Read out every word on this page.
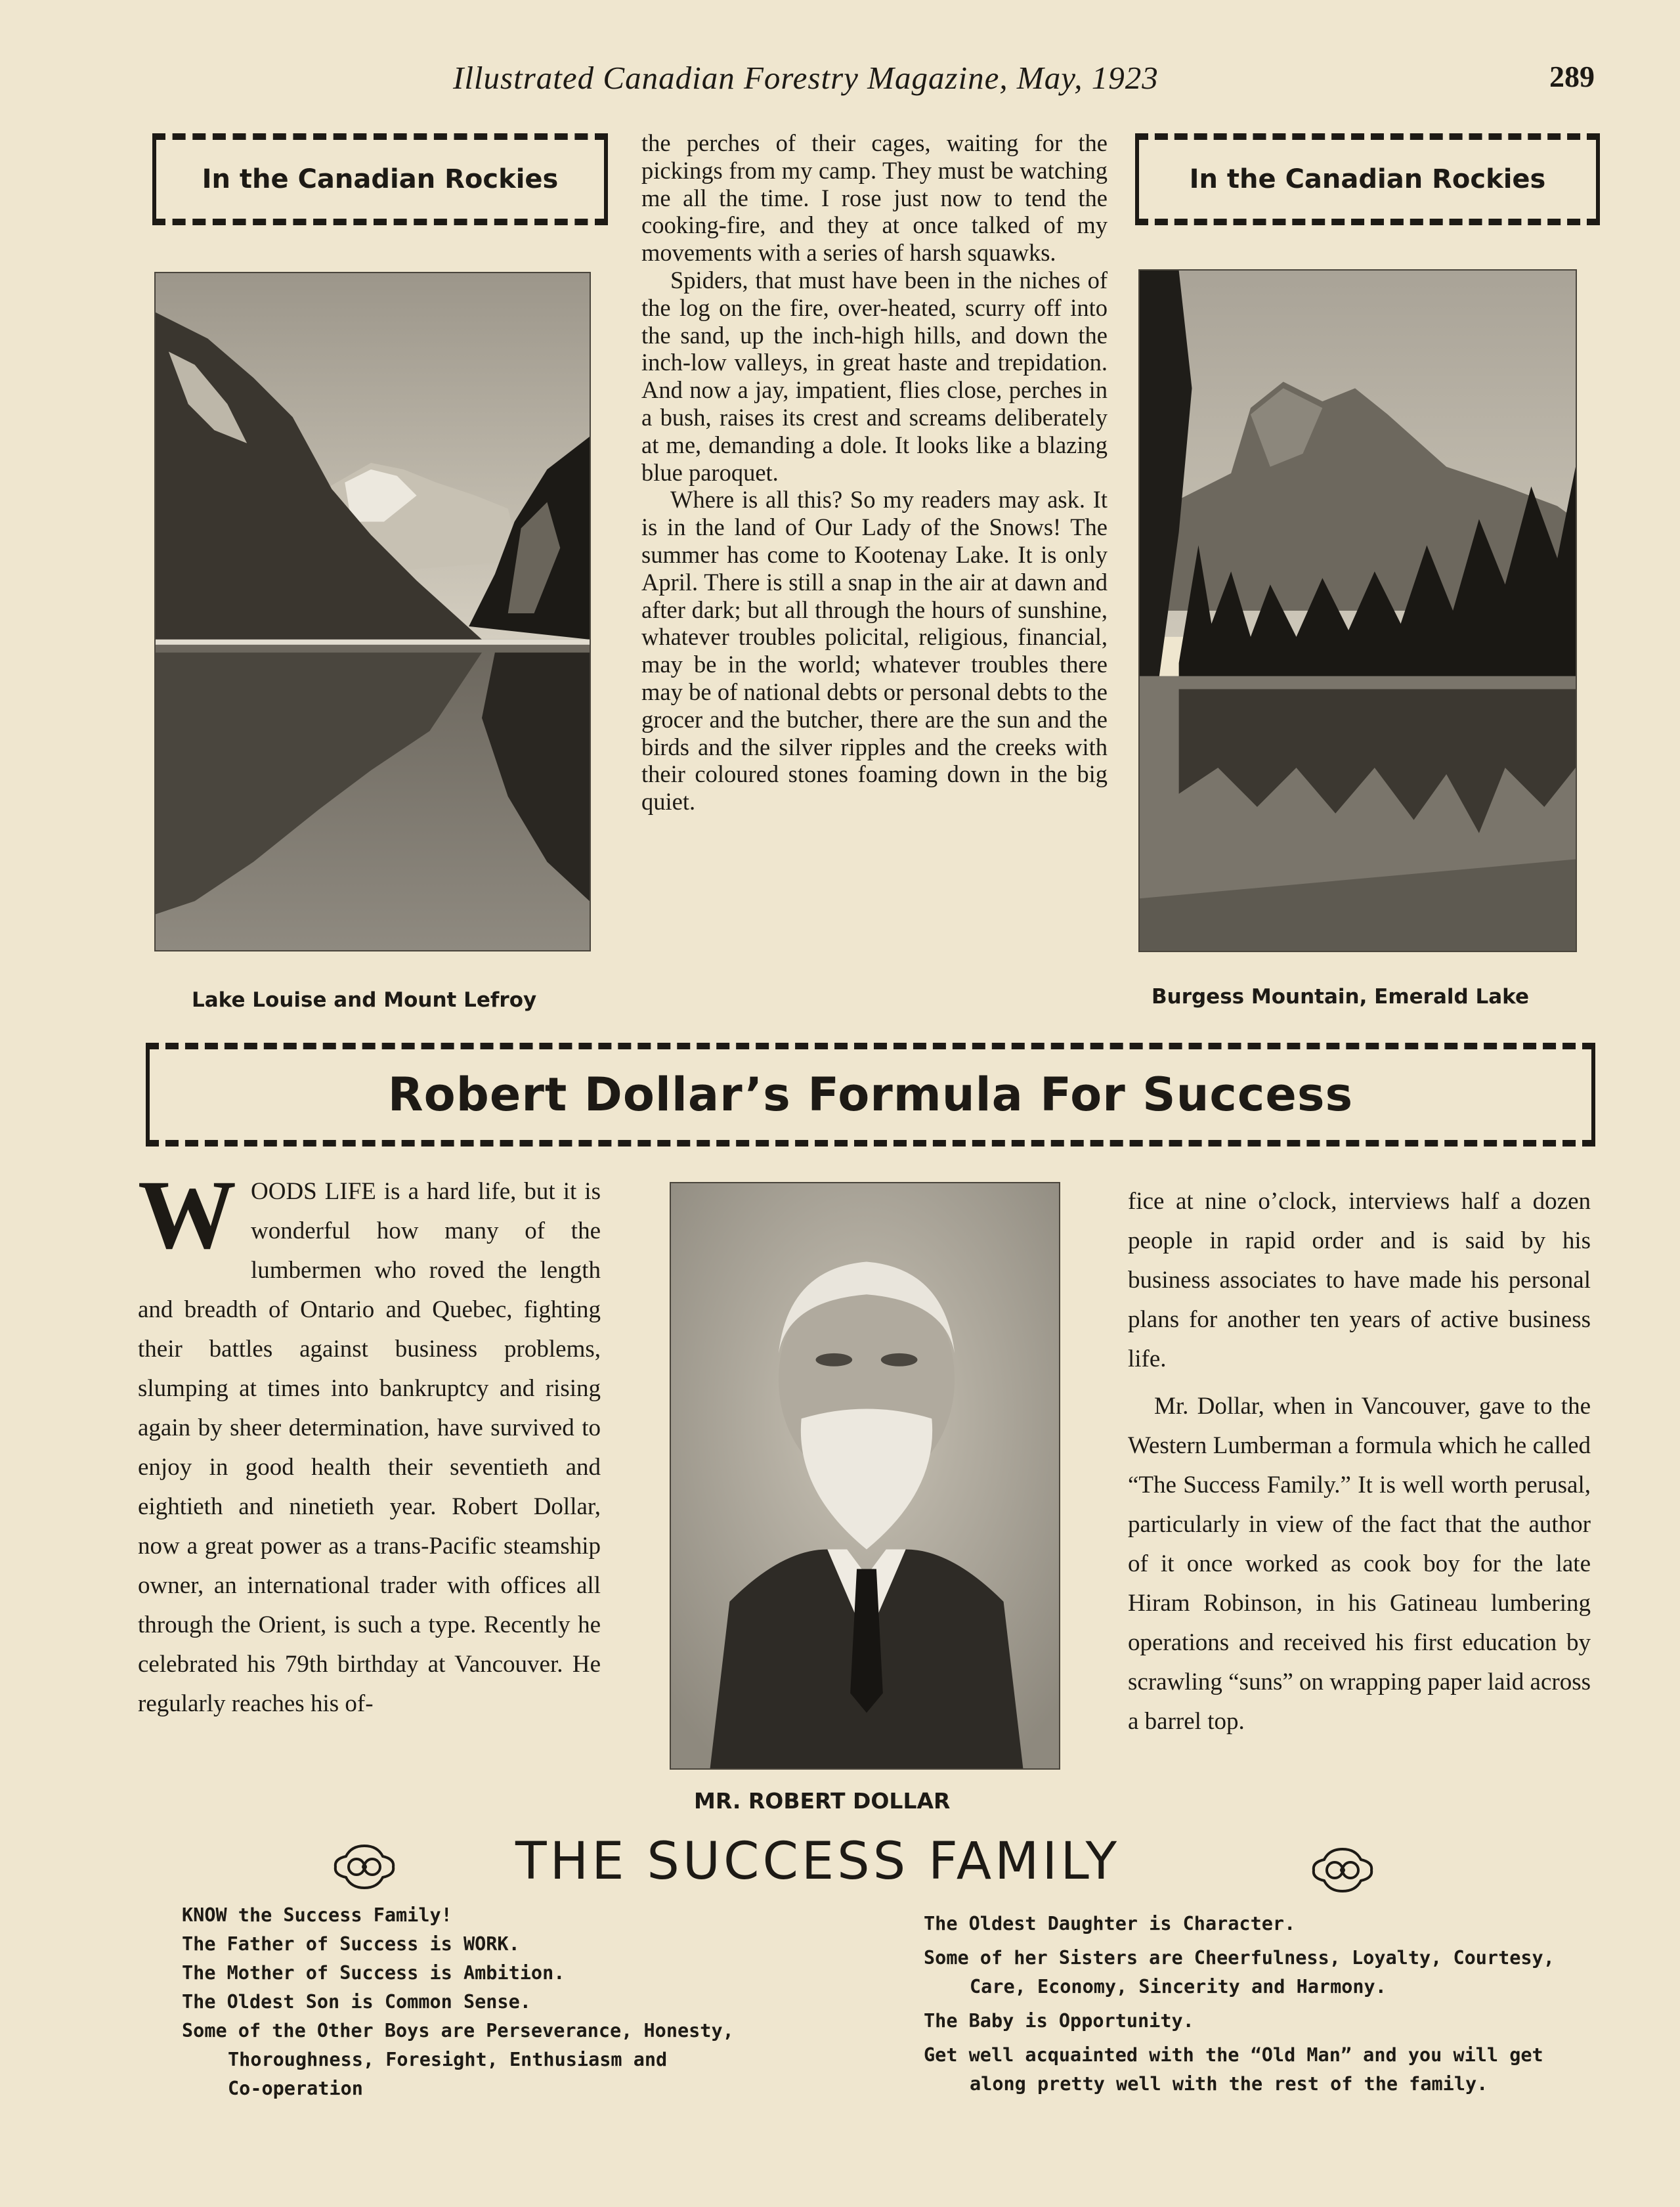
Illustrated Canadian Forestry Magazine, May, 1923	289
In the Canadian Rockies
Lake Louise and Mount Lefroy

the perches of their cages, waiting for the pickings from my camp. They must be watching me all the time. I rose just now to tend the cooking-fire, and they at once talked of my movements with a series of harsh squawks.

Spiders, that must have been in the niches of the log on the fire, over-heated, scurry off into the sand, up the inch-high hills, and down the inch-low valleys, in great haste and trepidation. And now a jay, impatient, flies close, perches in a bush, raises its crest and screams deliberately at me, demanding a dole. It looks like a blazing blue paroquet.

Where is all this? So my readers may ask. It is in the land of Our Lady of the Snows! The summer has come to Kootenay Lake. It is only April. There is still a snap in the air at dawn and after dark; but all through the hours of sunshine, whatever troubles policital, religious, financial, may be in the world; whatever troubles there may be of national debts or personal debts to the grocer and the butcher, there are the sun and the birds and the silver ripples and the creeks with their coloured stones foaming down in the big quiet.

In the Canadian Rockies
Burgess Mountain, Emerald Lake
Robert Dollar’s Formula For Success

WOODS LIFE is a hard life, but it is wonderful how many of the lumbermen who roved the length and breadth of Ontario and Quebec, fighting their battles against business problems, slumping at times into bankruptcy and rising again by sheer determination, have survived to enjoy in good health their seventieth and eightieth and ninetieth year. Robert Dollar, now a great power as a trans-Pacific steamship owner, an international trader with offices all through the Orient, is such a type. Recently he celebrated his 79th birthday at Vancouver. He regularly reaches his of-

MR. ROBERT DOLLAR

fice at nine o’clock, interviews half a dozen people in rapid order and is said by his business associates to have made his personal plans for another ten years of active business life.

Mr. Dollar, when in Vancouver, gave to the Western Lumberman a formula which he called “The Success Family.” It is well worth perusal, particularly in view of the fact that the author of it once worked as cook boy for the late Hiram Robinson, in his Gatineau lumbering operations and received his first education by scrawling “suns” on wrapping paper laid across a barrel top.

THE SUCCESS FAMILY
KNOW the Success Family!
The Father of Success is WORK.
The Mother of Success is Ambition.
The Oldest Son is Common Sense.
Some of the Other Boys are Perseverance, Honesty,
Thoroughness, Foresight, Enthusiasm and
Co-operation
The Oldest Daughter is Character.
Some of her Sisters are Cheerfulness, Loyalty, Courtesy,
Care, Economy, Sincerity and Harmony.
The Baby is Opportunity.
Get well acquainted with the “Old Man” and you will get
along pretty well with the rest of the family.
